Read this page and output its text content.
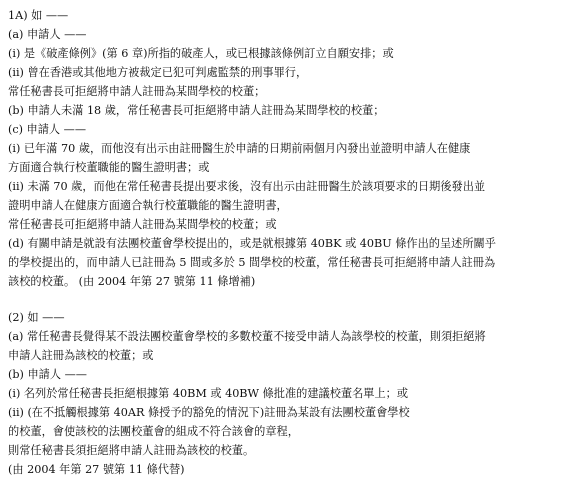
1A) 如 ——
(a) 申請人 ——
(i) 是《破產條例》(第 6 章)所指的破產人，或已根據該條例訂立自願安排；或
(ii) 曾在香港或其他地方被裁定已犯可判處監禁的刑事罪行，
常任秘書長可拒絕將申請人註冊為某間學校的校董；
(b) 申請人未滿 18 歲，常任秘書長可拒絕將申請人註冊為某間學校的校董；
(c) 申請人 ——
(i) 已年滿 70 歲，而他沒有出示由註冊醫生於申請的日期前兩個月內發出並證明申請人在健康
方面適合執行校董職能的醫生證明書；或
(ii) 未滿 70 歲，而他在常任秘書長提出要求後，沒有出示由註冊醫生於該項要求的日期後發出並
證明申請人在健康方面適合執行校董職能的醫生證明書，
常任秘書長可拒絕將申請人註冊為某間學校的校董；或
(d) 有關申請是就設有法團校董會學校提出的，或是就根據第 40BK 或 40BU 條作出的呈述所關乎
的學校提出的，而申請人已註冊為 5 間或多於 5 間學校的校董，常任秘書長可拒絕將申請人註冊為
該校的校董。 (由 2004 年第 27 號第 11 條增補)
(2) 如 ——
(a) 常任秘書長覺得某不設法團校董會學校的多數校董不接受申請人為該學校的校董，則須拒絕將
申請人註冊為該校的校董；或
(b) 申請人 ——
(i) 名列於常任秘書長拒絕根據第 40BM 或 40BW 條批准的建議校董名單上；或
(ii) (在不抵觸根據第 40AR 條授予的豁免的情況下)註冊為某設有法團校董會學校
的校董，會使該校的法團校董會的組成不符合該會的章程，
則常任秘書長須拒絕將申請人註冊為該校的校董。
(由 2004 年第 27 號第 11 條代替)
